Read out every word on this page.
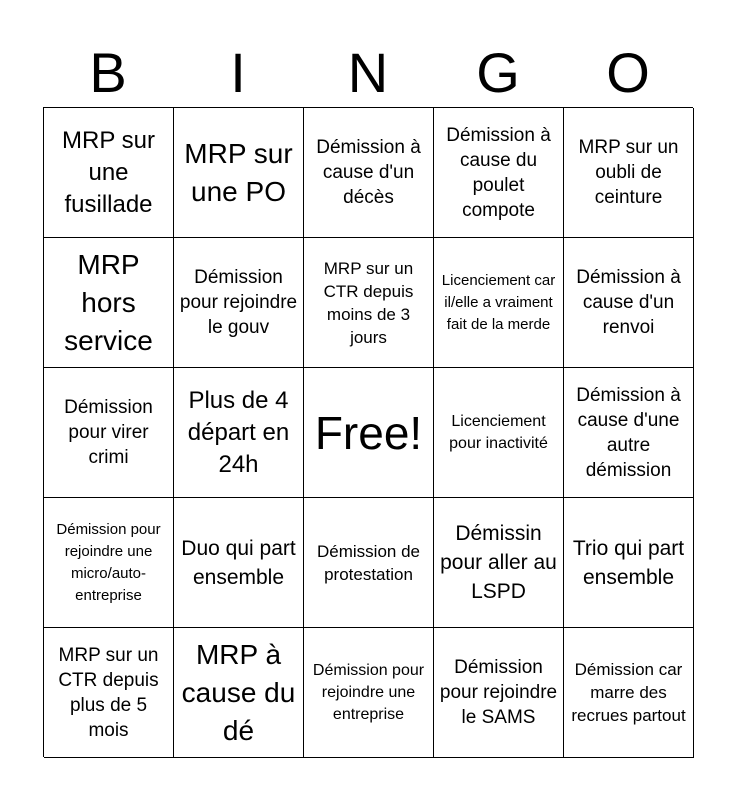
B	I	N	G	O
MRP sur une fusillade
MRP sur une PO
Démission à cause d'un décès
Démission à cause du poulet compote
MRP sur un oubli de ceinture
MRP hors service
Démission pour rejoindre le gouv
MRP sur un CTR depuis moins de 3 jours
Licenciement car il/elle a vraiment fait de la merde
Démission à cause d'un renvoi
Démission pour virer crimi
Plus de 4 départ en 24h
Free!	Licenciement pour inactivité
Démission à cause d'une autre démission
Démission pour rejoindre une micro/auto-entreprise
Duo qui part ensemble
Démission de protestation
Démissin pour aller au LSPD
Trio qui part ensemble
MRP sur un CTR depuis plus de 5 mois
MRP à cause du dé
Démission pour rejoindre une entreprise
Démission pour rejoindre le SAMS
Démission car marre des recrues partout
